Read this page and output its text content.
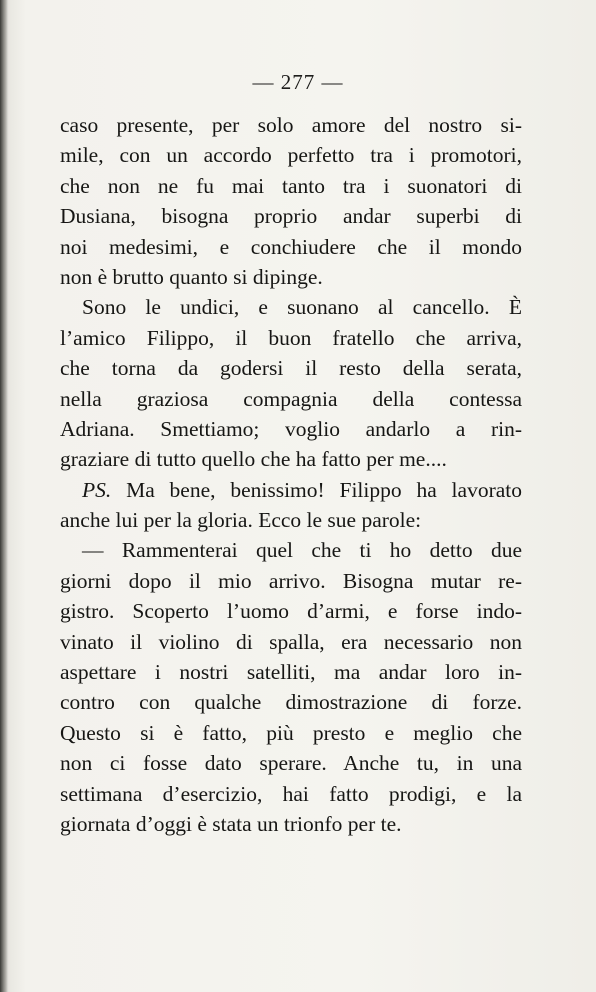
— 277 —

caso presente, per solo amore del nostro si-
mile, con un accordo perfetto tra i promotori,
che non ne fu mai tanto tra i suonatori di
Dusiana, bisogna proprio andar superbi di
noi medesimi, e conchiudere che il mondo
non è brutto quanto si dipinge.
Sono le undici, e suonano al cancello. È
l’amico Filippo, il buon fratello che arriva,
che torna da godersi il resto della serata,
nella graziosa compagnia della contessa
Adriana. Smettiamo; voglio andarlo a rin-
graziare di tutto quello che ha fatto per me....
PS. Ma bene, benissimo! Filippo ha lavorato
anche lui per la gloria. Ecco le sue parole:
— Rammenterai quel che ti ho detto due
giorni dopo il mio arrivo. Bisogna mutar re-
gistro. Scoperto l’uomo d’armi, e forse indo-
vinato il violino di spalla, era necessario non
aspettare i nostri satelliti, ma andar loro in-
contro con qualche dimostrazione di forze.
Questo si è fatto, più presto e meglio che
non ci fosse dato sperare. Anche tu, in una
settimana d’esercizio, hai fatto prodigi, e la
giornata d’oggi è stata un trionfo per te.
